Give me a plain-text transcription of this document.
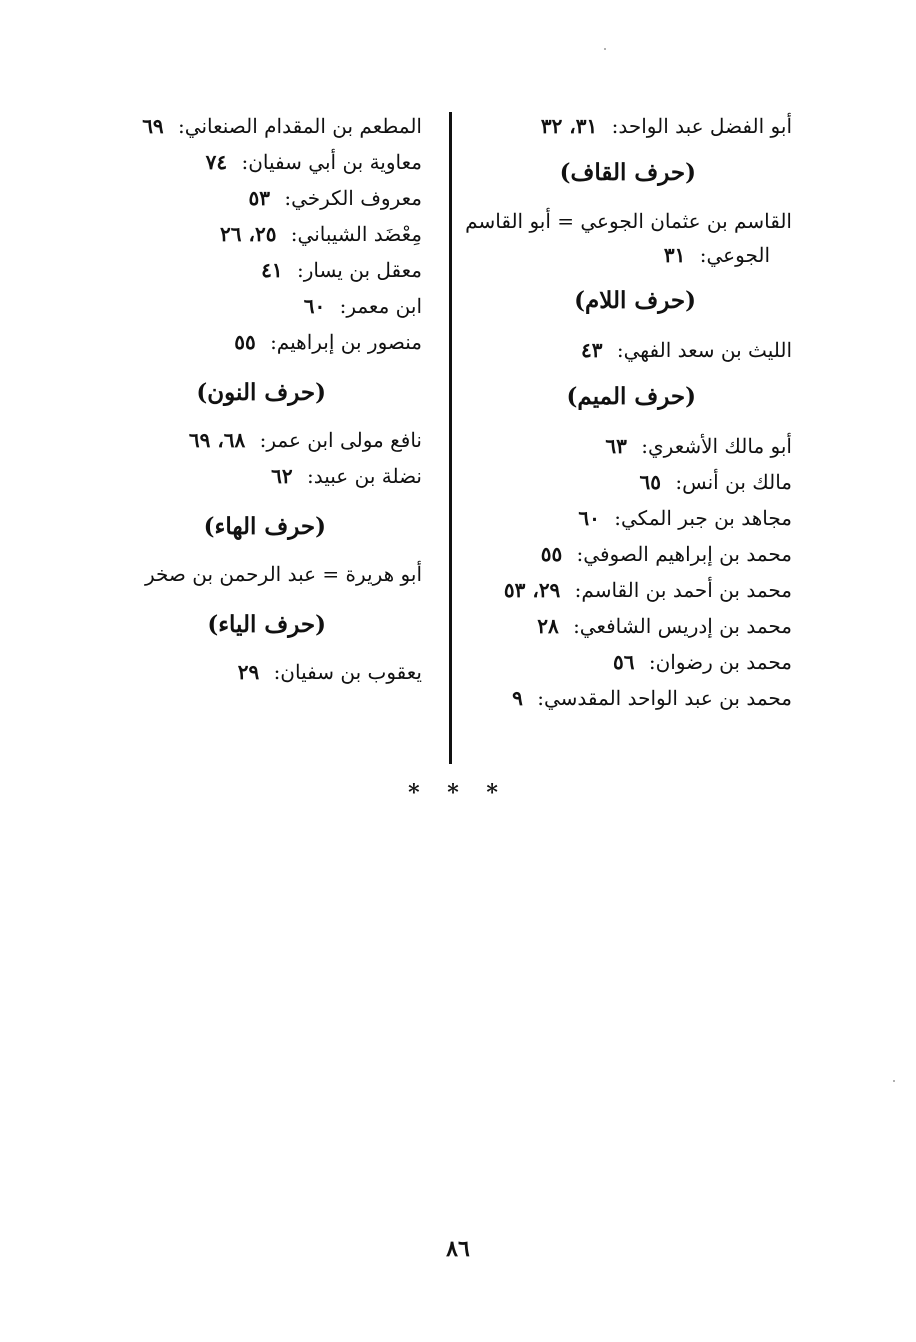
أبو الفضل عبد الواحد: ٣١، ٣٢
(حرف القاف)
القاسم بن عثمان الجوعي = أبو القاسم
الجوعي: ٣١
(حرف اللام)
الليث بن سعد الفهي: ٤٣
(حرف الميم)
أبو مالك الأشعري: ٦٣
مالك بن أنس: ٦٥
مجاهد بن جبر المكي: ٦٠
محمد بن إبراهيم الصوفي: ٥٥
محمد بن أحمد بن القاسم: ٢٩، ٥٣
محمد بن إدريس الشافعي: ٢٨
محمد بن رضوان: ٥٦
محمد بن عبد الواحد المقدسي: ٩
المطعم بن المقدام الصنعاني: ٦٩
معاوية بن أبي سفيان: ٧٤
معروف الكرخي: ٥٣
مِعْضَد الشيباني: ٢٥، ٢٦
معقل بن يسار: ٤١
ابن معمر: ٦٠
منصور بن إبراهيم: ٥٥
(حرف النون)
نافع مولى ابن عمر: ٦٨، ٦٩
نضلة بن عبيد: ٦٢
(حرف الهاء)
أبو هريرة = عبد الرحمن بن صخر
(حرف الياء)
يعقوب بن سفيان: ٢٩
* * *
٨٦
